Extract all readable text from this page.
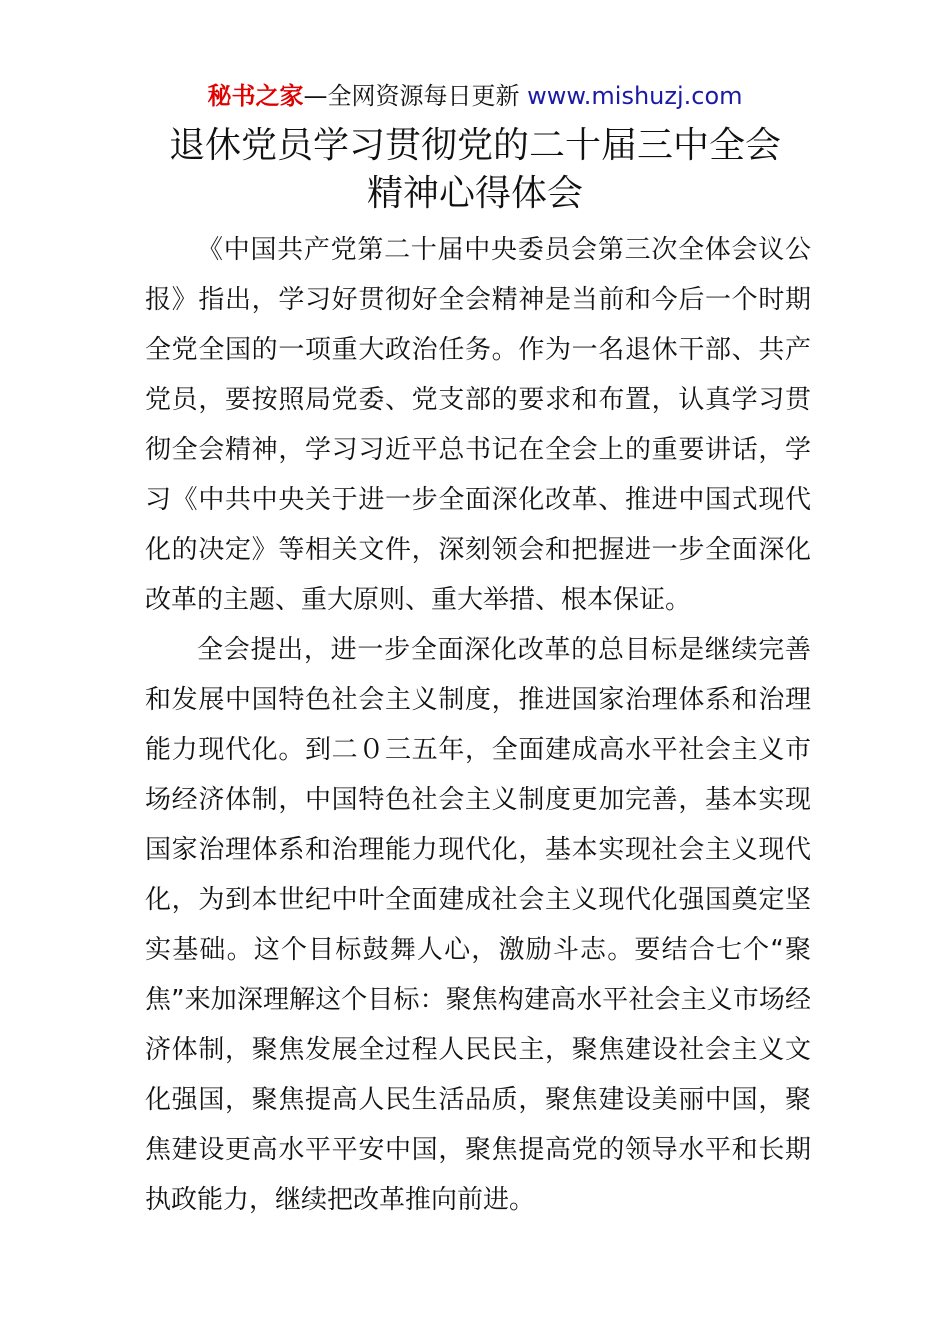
秘书之家—全网资源每日更新 www.mishuzj.com
退休党员学习贯彻党的二十届三中全会
精神心得体会

《中国共产党第二十届中央委员会第三次全体会议公报》指出，学习好贯彻好全会精神是当前和今后一个时期全党全国的一项重大政治任务。作为一名退休干部、共产党员，要按照局党委、党支部的要求和布置，认真学习贯彻全会精神，学习习近平总书记在全会上的重要讲话，学习《中共中央关于进一步全面深化改革、推进中国式现代化的决定》等相关文件，深刻领会和把握进一步全面深化改革的主题、重大原则、重大举措、根本保证。

全会提出，进一步全面深化改革的总目标是继续完善和发展中国特色社会主义制度，推进国家治理体系和治理能力现代化。到二０三五年，全面建成高水平社会主义市场经济体制，中国特色社会主义制度更加完善，基本实现国家治理体系和治理能力现代化，基本实现社会主义现代化，为到本世纪中叶全面建成社会主义现代化强国奠定坚实基础。这个目标鼓舞人心，激励斗志。要结合七个“聚焦”来加深理解这个目标：聚焦构建高水平社会主义市场经济体制，聚焦发展全过程人民民主，聚焦建设社会主义文化强国，聚焦提高人民生活品质，聚焦建设美丽中国，聚焦建设更高水平平安中国，聚焦提高党的领导水平和长期执政能力，继续把改革推向前进。
